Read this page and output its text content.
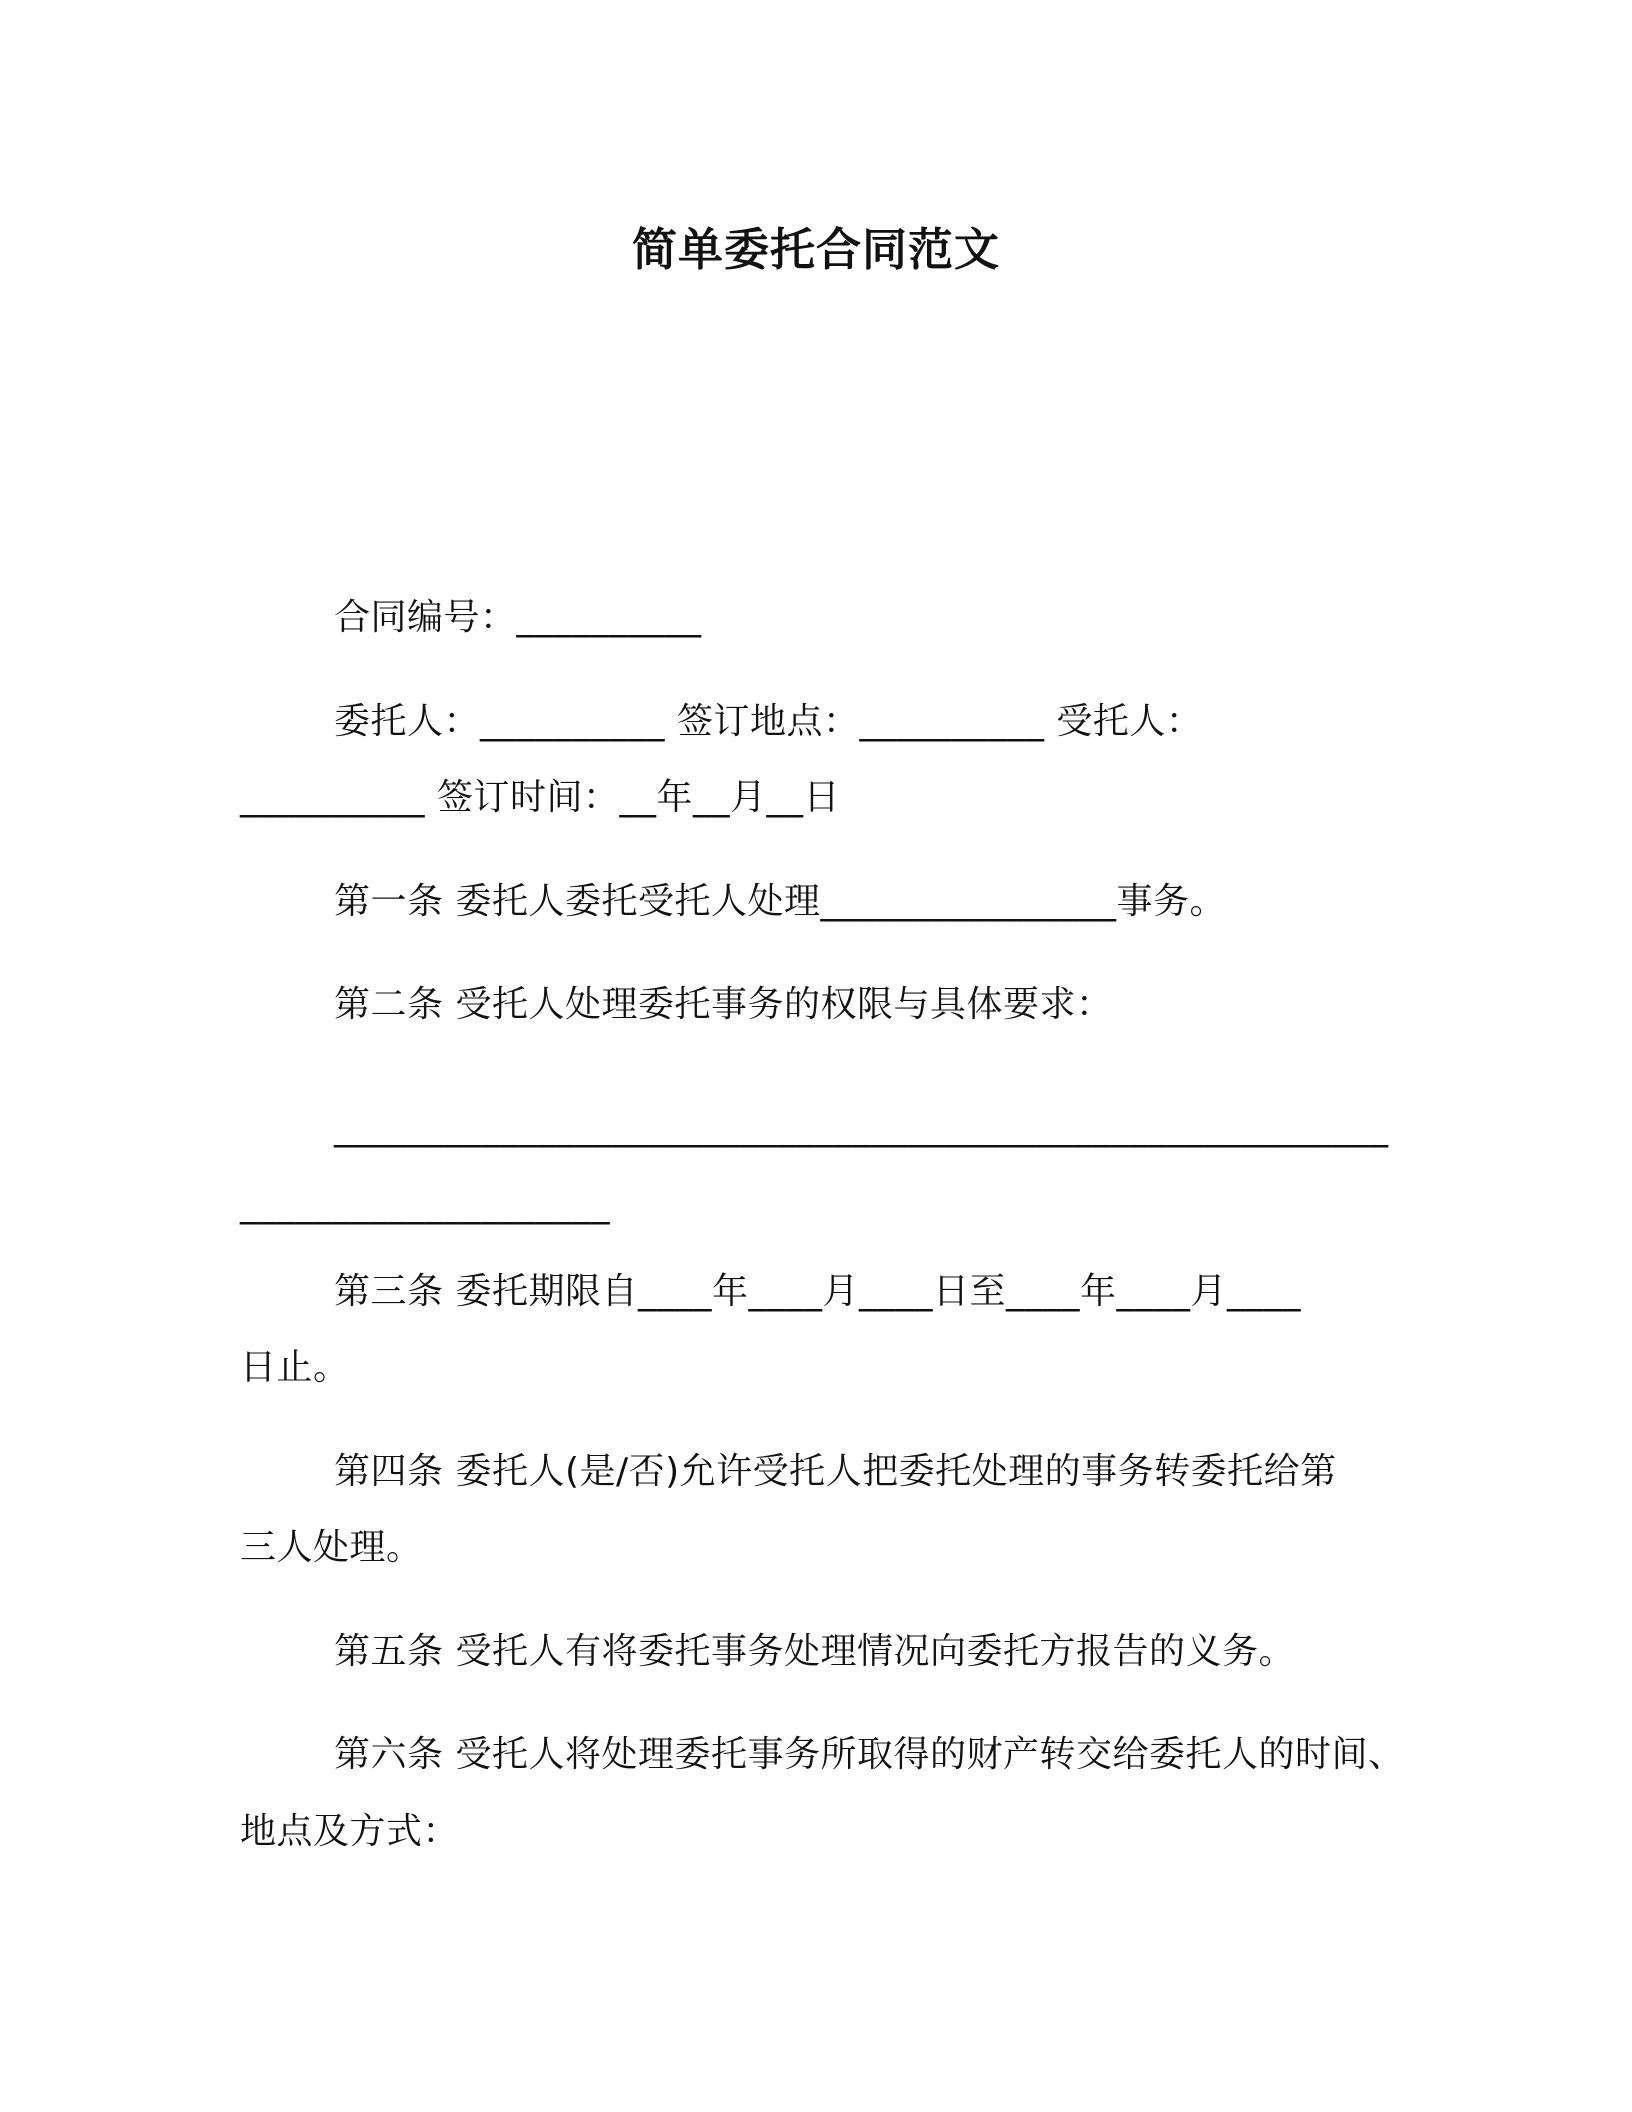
简单委托合同范文
合同编号：__________
委托人：__________ 签订地点：__________ 受托人：
__________ 签订时间：__年__月__日
第一条 委托人委托受托人处理________________事务。
第二条 受托人处理委托事务的权限与具体要求：
_________________________________________________________
____________________
第三条 委托期限自____年____月____日至____年____月____
日止。
第四条 委托人(是/否)允许受托人把委托处理的事务转委托给第
三人处理。
第五条 受托人有将委托事务处理情况向委托方报告的义务。
第六条 受托人将处理委托事务所取得的财产转交给委托人的时间、
地点及方式：
